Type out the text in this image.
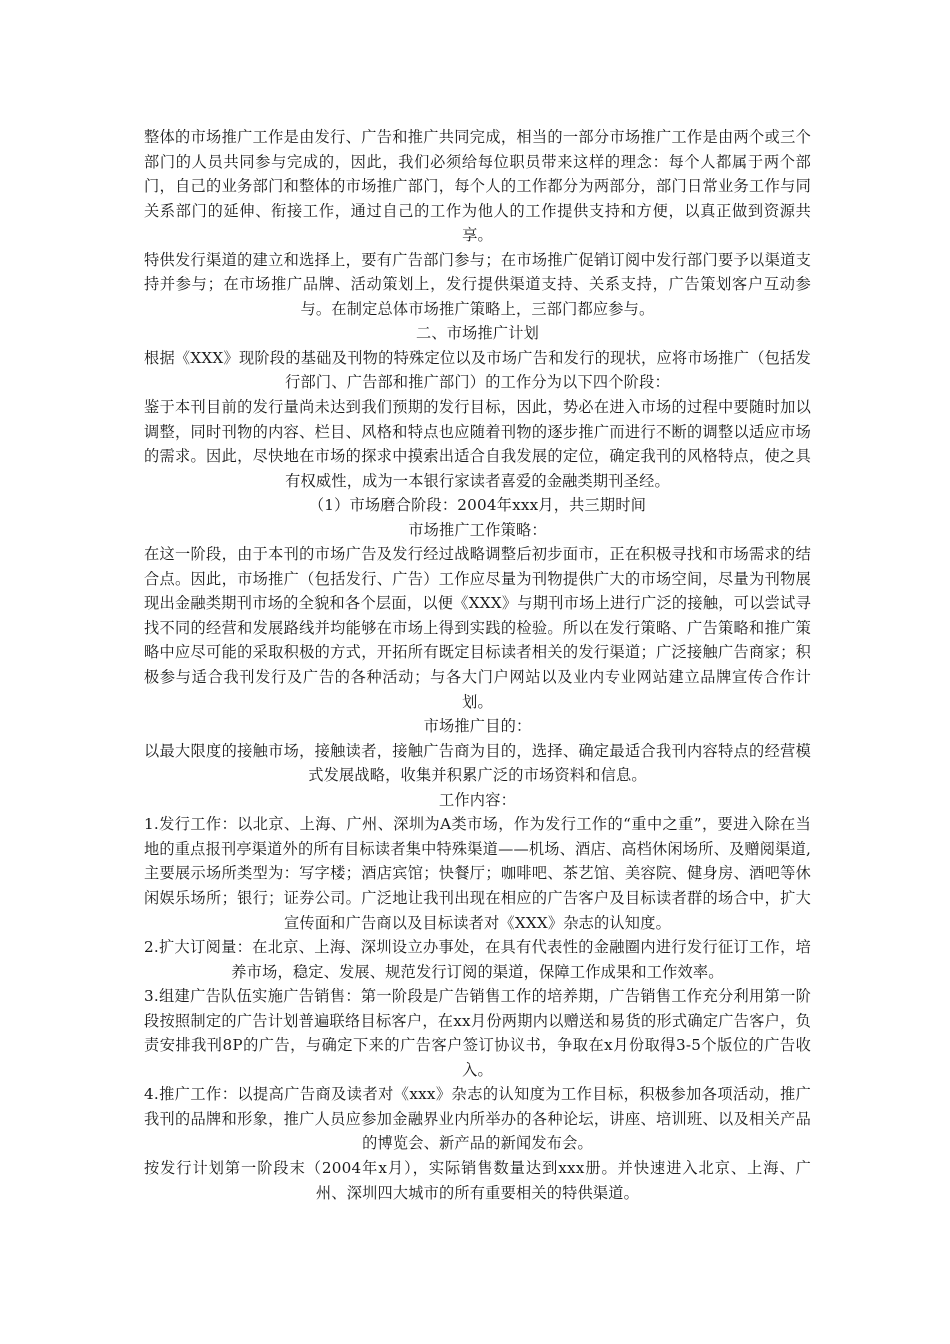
整体的市场推广工作是由发行、广告和推广共同完成，相当的一部分市场推广工作是由两个或三个部门的人员共同参与完成的，因此，我们必须给每位职员带来这样的理念：每个人都属于两个部门，自己的业务部门和整体的市场推广部门，每个人的工作都分为两部分，部门日常业务工作与同关系部门的延伸、衔接工作，通过自己的工作为他人的工作提供支持和方便，以真正做到资源共享。

特供发行渠道的建立和选择上，要有广告部门参与；在市场推广促销订阅中发行部门要予以渠道支持并参与；在市场推广品牌、活动策划上，发行提供渠道支持、关系支持，广告策划客户互动参与。在制定总体市场推广策略上，三部门都应参与。

二、市场推广计划

根据《XXX》现阶段的基础及刊物的特殊定位以及市场广告和发行的现状，应将市场推广（包括发行部门、广告部和推广部门）的工作分为以下四个阶段：

鉴于本刊目前的发行量尚未达到我们预期的发行目标，因此，势必在进入市场的过程中要随时加以调整，同时刊物的内容、栏目、风格和特点也应随着刊物的逐步推广而进行不断的调整以适应市场的需求。因此，尽快地在市场的探求中摸索出适合自我发展的定位，确定我刊的风格特点，使之具有权威性，成为一本银行家读者喜爱的金融类期刊圣经。

（1）市场磨合阶段：2004年xxx月，共三期时间

市场推广工作策略：

在这一阶段，由于本刊的市场广告及发行经过战略调整后初步面市，正在积极寻找和市场需求的结合点。因此，市场推广（包括发行、广告）工作应尽量为刊物提供广大的市场空间，尽量为刊物展现出金融类期刊市场的全貌和各个层面，以便《XXX》与期刊市场上进行广泛的接触，可以尝试寻找不同的经营和发展路线并均能够在市场上得到实践的检验。所以在发行策略、广告策略和推广策略中应尽可能的采取积极的方式，开拓所有既定目标读者相关的发行渠道；广泛接触广告商家；积极参与适合我刊发行及广告的各种活动；与各大门户网站以及业内专业网站建立品牌宣传合作计划。

市场推广目的：

以最大限度的接触市场，接触读者，接触广告商为目的，选择、确定最适合我刊内容特点的经营模式发展战略，收集并积累广泛的市场资料和信息。

工作内容：

1.发行工作：以北京、上海、广州、深圳为A类市场，作为发行工作的“重中之重”，要进入除在当地的重点报刊亭渠道外的所有目标读者集中特殊渠道——机场、酒店、高档休闲场所、及赠阅渠道,主要展示场所类型为：写字楼；酒店宾馆；快餐厅；咖啡吧、茶艺馆、美容院、健身房、酒吧等休闲娱乐场所；银行；证券公司。广泛地让我刊出现在相应的广告客户及目标读者群的场合中，扩大宣传面和广告商以及目标读者对《XXX》杂志的认知度。

2.扩大订阅量：在北京、上海、深圳设立办事处，在具有代表性的金融圈内进行发行征订工作，培养市场，稳定、发展、规范发行订阅的渠道，保障工作成果和工作效率。

3.组建广告队伍实施广告销售：第一阶段是广告销售工作的培养期，广告销售工作充分利用第一阶段按照制定的广告计划普遍联络目标客户，在xx月份两期内以赠送和易货的形式确定广告客户，负责安排我刊8P的广告，与确定下来的广告客户签订协议书，争取在x月份取得3-5个版位的广告收入。

4.推广工作：以提高广告商及读者对《xxx》杂志的认知度为工作目标，积极参加各项活动，推广我刊的品牌和形象，推广人员应参加金融界业内所举办的各种论坛，讲座、培训班、以及相关产品的博览会、新产品的新闻发布会。

按发行计划第一阶段末（2004年x月），实际销售数量达到xxx册。并快速进入北京、上海、广州、深圳四大城市的所有重要相关的特供渠道。
